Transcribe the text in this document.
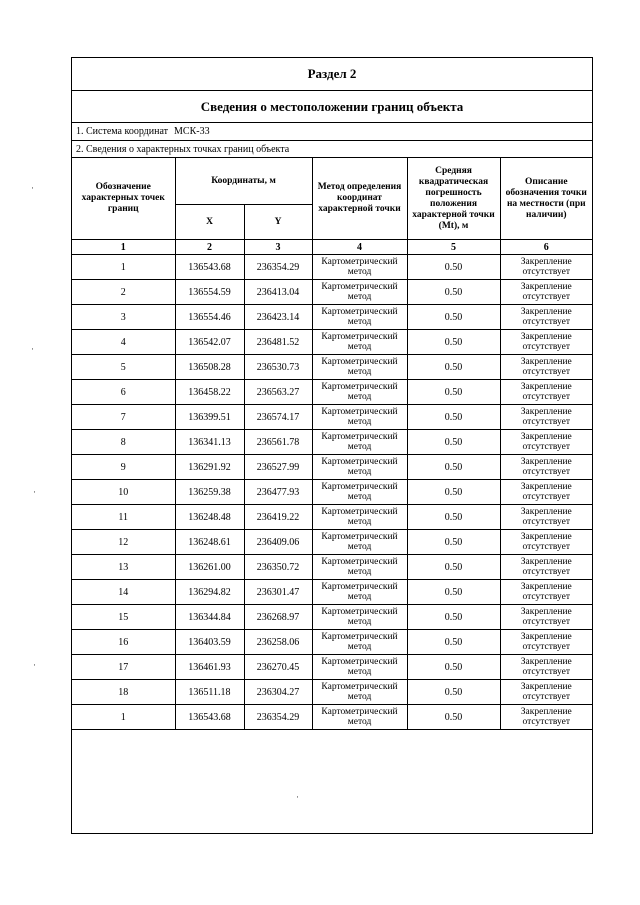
Раздел 2
Сведения о местоположении границ объекта
1. Система координат МСК-33
2. Сведения о характерных точках границ объекта
Обозначение характерных точек границ	Координаты, м		Метод определения координат характерной точки	Средняя квадратическая погрешность положения характерной точки (Mt), м	Описание обозначения точки на местности (при наличии)
	X	Y			
1	2	3	4	5	6
1	136543.68	236354.29	Картометрический метод	0.50	Закрепление отсутствует
2	136554.59	236413.04	Картометрический метод	0.50	Закрепление отсутствует
3	136554.46	236423.14	Картометрический метод	0.50	Закрепление отсутствует
4	136542.07	236481.52	Картометрический метод	0.50	Закрепление отсутствует
5	136508.28	236530.73	Картометрический метод	0.50	Закрепление отсутствует
6	136458.22	236563.27	Картометрический метод	0.50	Закрепление отсутствует
7	136399.51	236574.17	Картометрический метод	0.50	Закрепление отсутствует
8	136341.13	236561.78	Картометрический метод	0.50	Закрепление отсутствует
9	136291.92	236527.99	Картометрический метод	0.50	Закрепление отсутствует
10	136259.38	236477.93	Картометрический метод	0.50	Закрепление отсутствует
11	136248.48	236419.22	Картометрический метод	0.50	Закрепление отсутствует
12	136248.61	236409.06	Картометрический метод	0.50	Закрепление отсутствует
13	136261.00	236350.72	Картометрический метод	0.50	Закрепление отсутствует
14	136294.82	236301.47	Картометрический метод	0.50	Закрепление отсутствует
15	136344.84	236268.97	Картометрический метод	0.50	Закрепление отсутствует
16	136403.59	236258.06	Картометрический метод	0.50	Закрепление отсутствует
17	136461.93	236270.45	Картометрический метод	0.50	Закрепление отсутствует
18	136511.18	236304.27	Картометрический метод	0.50	Закрепление отсутствует
1	136543.68	236354.29	Картометрический метод	0.50	Закрепление отсутствует
·
·
·
·
·
